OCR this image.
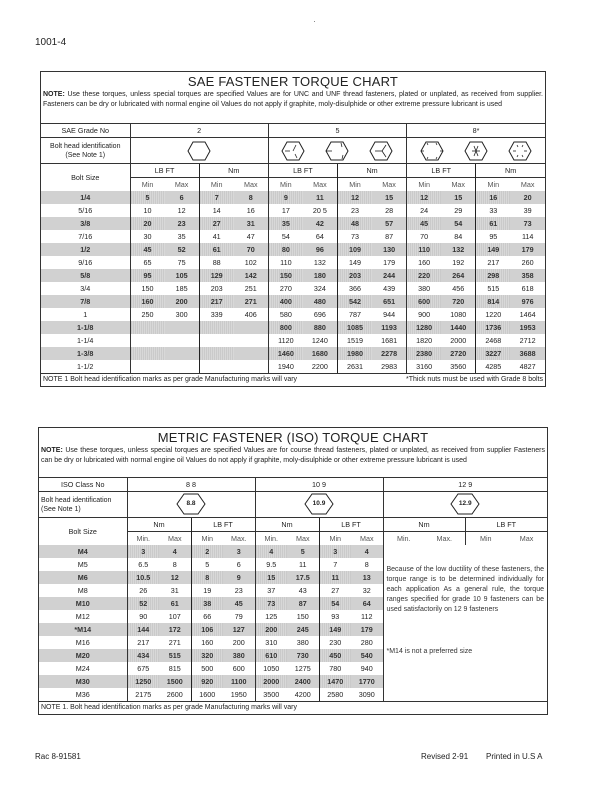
1001-4
SAE FASTENER TORQUE CHART
NOTE: Use these torques, unless special torques are specified Values are for UNC and UNF thread fasteners, plated or unplated, as received from supplier. Fasteners can be dry or lubricated with normal engine oil Values do not apply if graphite, moly-disulphide or other extreme pressure lubricant is used
SAE Grade No	2				5				8*			
Bolt head identification (See Note 1)			
Bolt Size	LB FT		Nm		LB FT		Nm		LB FT		Nm	
	Min	Max	Min	Max	Min	Max	Min	Max	Min	Max	Min	Max
1/4	5	6	7	8	9	11	12	15	12	15	16	20
5/16	10	12	14	16	17	20 5	23	28	24	29	33	39
3/8	20	23	27	31	35	42	48	57	45	54	61	73
7/16	30	35	41	47	54	64	73	87	70	84	95	114
1/2	45	52	61	70	80	96	109	130	110	132	149	179
9/16	65	75	88	102	110	132	149	179	160	192	217	260
5/8	95	105	129	142	150	180	203	244	220	264	298	358
3/4	150	185	203	251	270	324	366	439	380	456	515	618
7/8	160	200	217	271	400	480	542	651	600	720	814	976
1	250	300	339	406	580	696	787	944	900	1080	1220	1464
1-1/8					800	880	1085	1193	1280	1440	1736	1953
1-1/4					1120	1240	1519	1681	1820	2000	2468	2712
1-3/8					1460	1680	1980	2278	2380	2720	3227	3688
1-1/2					1940	2200	2631	2983	3160	3560	4285	4827
NOTE 1 Bolt head identification marks as per grade Manufacturing marks will vary	*Thick nuts must be used with Grade 8 bolts
METRIC FASTENER (ISO) TORQUE CHART
NOTE: Use these torques, unless special torques are specified Values are for course thread fasteners, plated or unplated, as received from supplier Fasteners can be dry or lubricated with normal engine oil Values do not apply if graphite, moly-disulphide or other extreme pressure lubricant is used
ISO Class No	8 8				10 9				12 9			
Bolt head identification (See Note 1)	8.8				10.9				12.9			

Bolt Size	Nm		LB FT		Nm		LB FT		Nm		LB FT	
	Min.	Max	Min	Max.	Min.	Max	Min	Max	Min.	Max.	Min	Max
M4	3	4	2	3	4	5	3	4	Because of the low ductility of these fasteners, the torque range is to be determined individually for each application As a general rule, the torque ranges specified for grade 10 9 fasteners can be used satisfactorily on 12 9 fasteners
*M14 is not a preferred size			

M5	6.5	8	5	6	9.5	11	7	8				
M6	10.5	12	8	9	15	17.5	11	13				
M8	26	31	19	23	37	43	27	32				
M10	52	61	38	45	73	87	54	64				
M12	90	107	66	79	125	150	93	112				
*M14	144	172	106	127	200	245	149	179				
M16	217	271	160	200	310	380	230	280				
M20	434	515	320	380	610	730	450	540				
M24	675	815	500	600	1050	1275	780	940				
M30	1250	1500	920	1100	2000	2400	1470	1770				
M36	2175	2600	1600	1950	3500	4200	2580	3090				
NOTE 1. Bolt head identification marks as per grade Manufacturing marks will vary
Rac 8-91581	Revised 2-91 Printed in U.S A
